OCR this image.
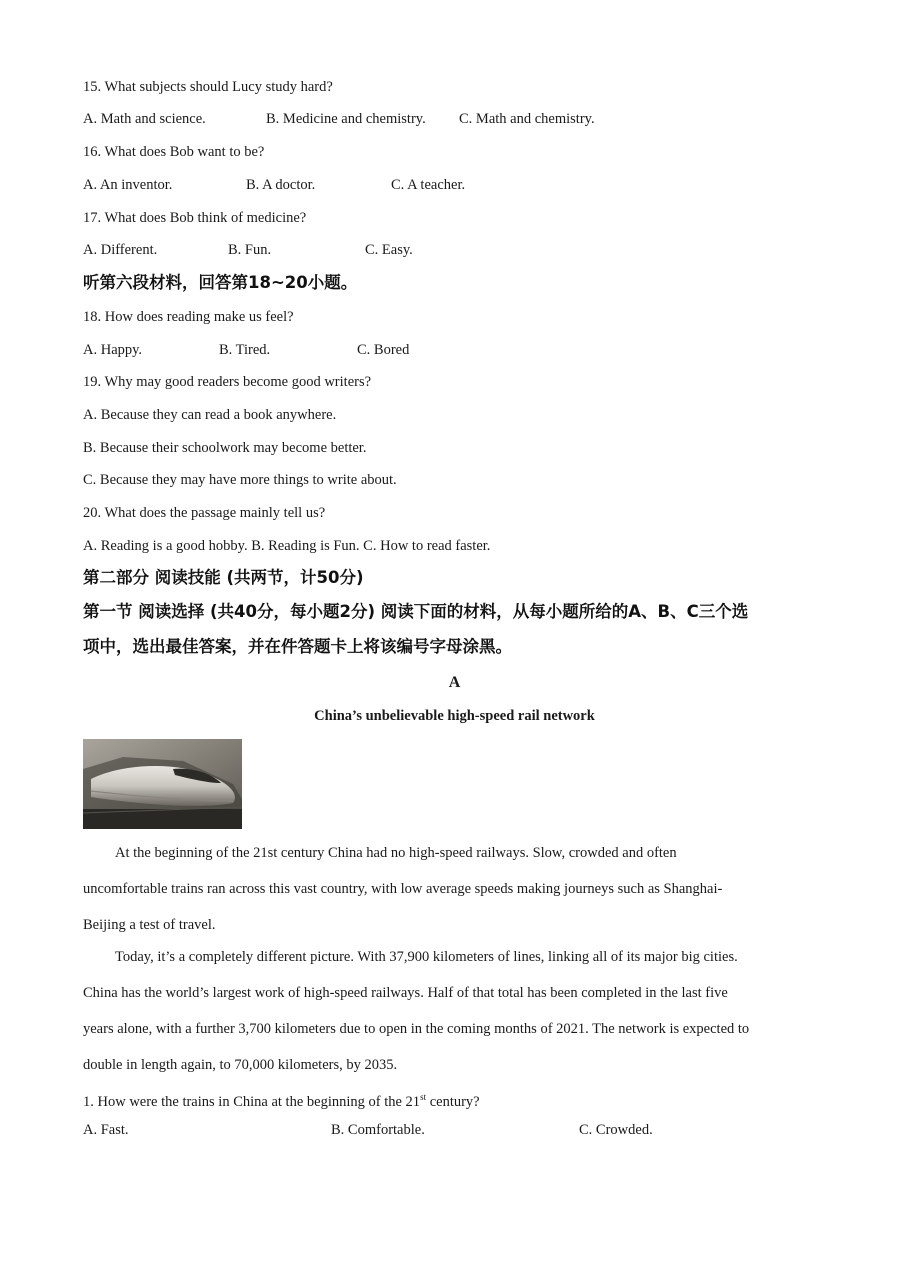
15. What subjects should Lucy study hard?
A. Math and science.	B. Medicine and chemistry. C. Math and chemistry.
16. What does Bob want to be?
A. An inventor.	B. A doctor.	C. A teacher.
17. What does Bob think of medicine?
A. Different.	B. Fun.	C. Easy.
听第六段材料，回答第18~20小题。
18. How does reading make us feel?
A. Happy.	B. Tired.	C. Bored
19. Why may good readers become good writers?
A. Because they can read a book anywhere.
B. Because their schoolwork may become better.
C. Because they may have more things to write about.
20. What does the passage mainly tell us?
A. Reading is a good hobby. B. Reading is Fun. C. How to read faster.
第二部分 阅读技能 (共两节，计50分)
第一节 阅读选择 (共40分，每小题2分) 阅读下面的材料，从每小题所给的A、B、C三个选
项中，选出最佳答案，并在件答题卡上将该编号字母涂黑。
A
China’s unbelievable high-speed rail network
At the beginning of the 21st century China had no high-speed railways. Slow, crowded and often
uncomfortable trains ran across this vast country, with low average speeds making journeys such as Shanghai-
Beijing a test of travel.
Today, it’s a completely different picture. With 37,900 kilometers of lines, linking all of its major big cities.
China has the world’s largest work of high-speed railways. Half of that total has been completed in the last five
years alone, with a further 3,700 kilometers due to open in the coming months of 2021. The network is expected to
double in length again, to 70,000 kilometers, by 2035.
1. How were the trains in China at the beginning of the 21st century?
A. Fast.	B. Comfortable.	C. Crowded.
